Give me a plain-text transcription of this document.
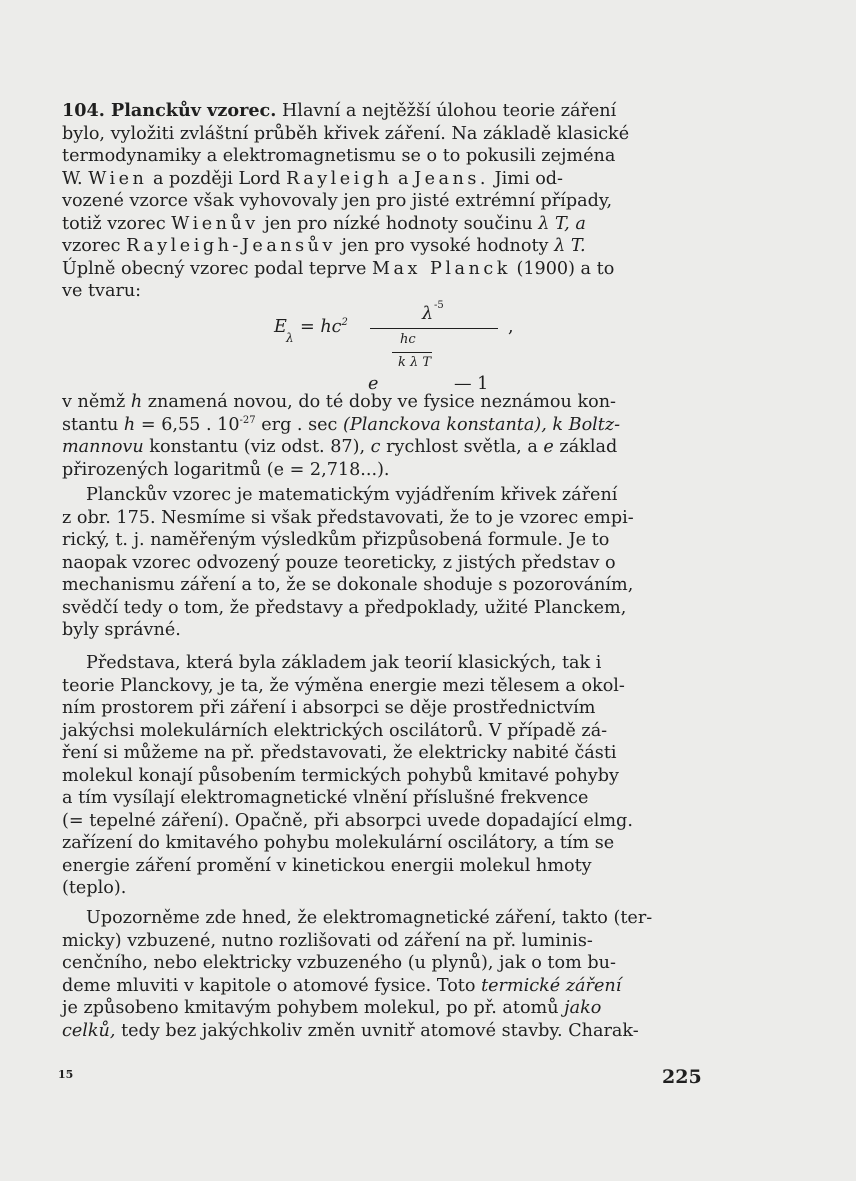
104. Planckův vzorec. Hlavní a nejtěžší úlohou teorie záření
bylo, vyložiti zvláštní průběh křivek záření. Na základě klasické
termodynamiky a elektromagnetismu se o to pokusili zejména
W. Wien a později Lord Rayleigh a Jeans. Jimi od-
vozené vzorce však vyhovovaly jen pro jisté extrémní případy,
totiž vzorec Wienův jen pro nízké hodnoty součinu λ T, a
vzorec Rayleigh-Jeansův jen pro vysoké hodnoty λ T.
Úplně obecný vzorec podal teprve Max Planck (1900) a to
ve tvaru:
E
λ
= $hc^2$	λ -5
,
hc
k λ T
e	— 1
v němž h znamená novou, do té doby ve fysice neznámou kon-
stantu h = 6,55 . $10^{-27}$ erg . sec (Planckova konstanta), k Boltz-
mannovu konstantu (viz odst. 87), c rychlost světla, a e základ
přirozených logaritmů (e = 2,718...).
Planckův vzorec je matematickým vyjádřením křivek záření
z obr. 175. Nesmíme si však představovati, že to je vzorec empi-
rický, t. j. naměřeným výsledkům přizpůsobená formule. Je to
naopak vzorec odvozený pouze teoreticky, z jistých představ o
mechanismu záření a to, že se dokonale shoduje s pozorováním,
svědčí tedy o tom, že představy a předpoklady, užité Planckem,
byly správné.
Představa, která byla základem jak teorií klasických, tak i
teorie Planckovy, je ta, že výměna energie mezi tělesem a okol-
ním prostorem při záření i absorpci se děje prostřednictvím
jakýchsi molekulárních elektrických oscilátorů. V případě zá-
ření si můžeme na př. představovati, že elektricky nabité části
molekul konají působením termických pohybů kmitavé pohyby
a tím vysílají elektromagnetické vlnění příslušné frekvence
(= tepelné záření). Opačně, při absorpci uvede dopadající elmg.
zařízení do kmitavého pohybu molekulární oscilátory, a tím se
energie záření promění v kinetickou energii molekul hmoty
(teplo).
Upozorněme zde hned, že elektromagnetické záření, takto (ter-
micky) vzbuzené, nutno rozlišovati od záření na př. luminis-
cenčního, nebo elektricky vzbuzeného (u plynů), jak o tom bu-
deme mluviti v kapitole o atomové fysice. Toto termické záření
je způsobeno kmitavým pohybem molekul, po př. atomů jako
celků, tedy bez jakýchkoliv změn uvnitř atomové stavby. Charak-
15	225
